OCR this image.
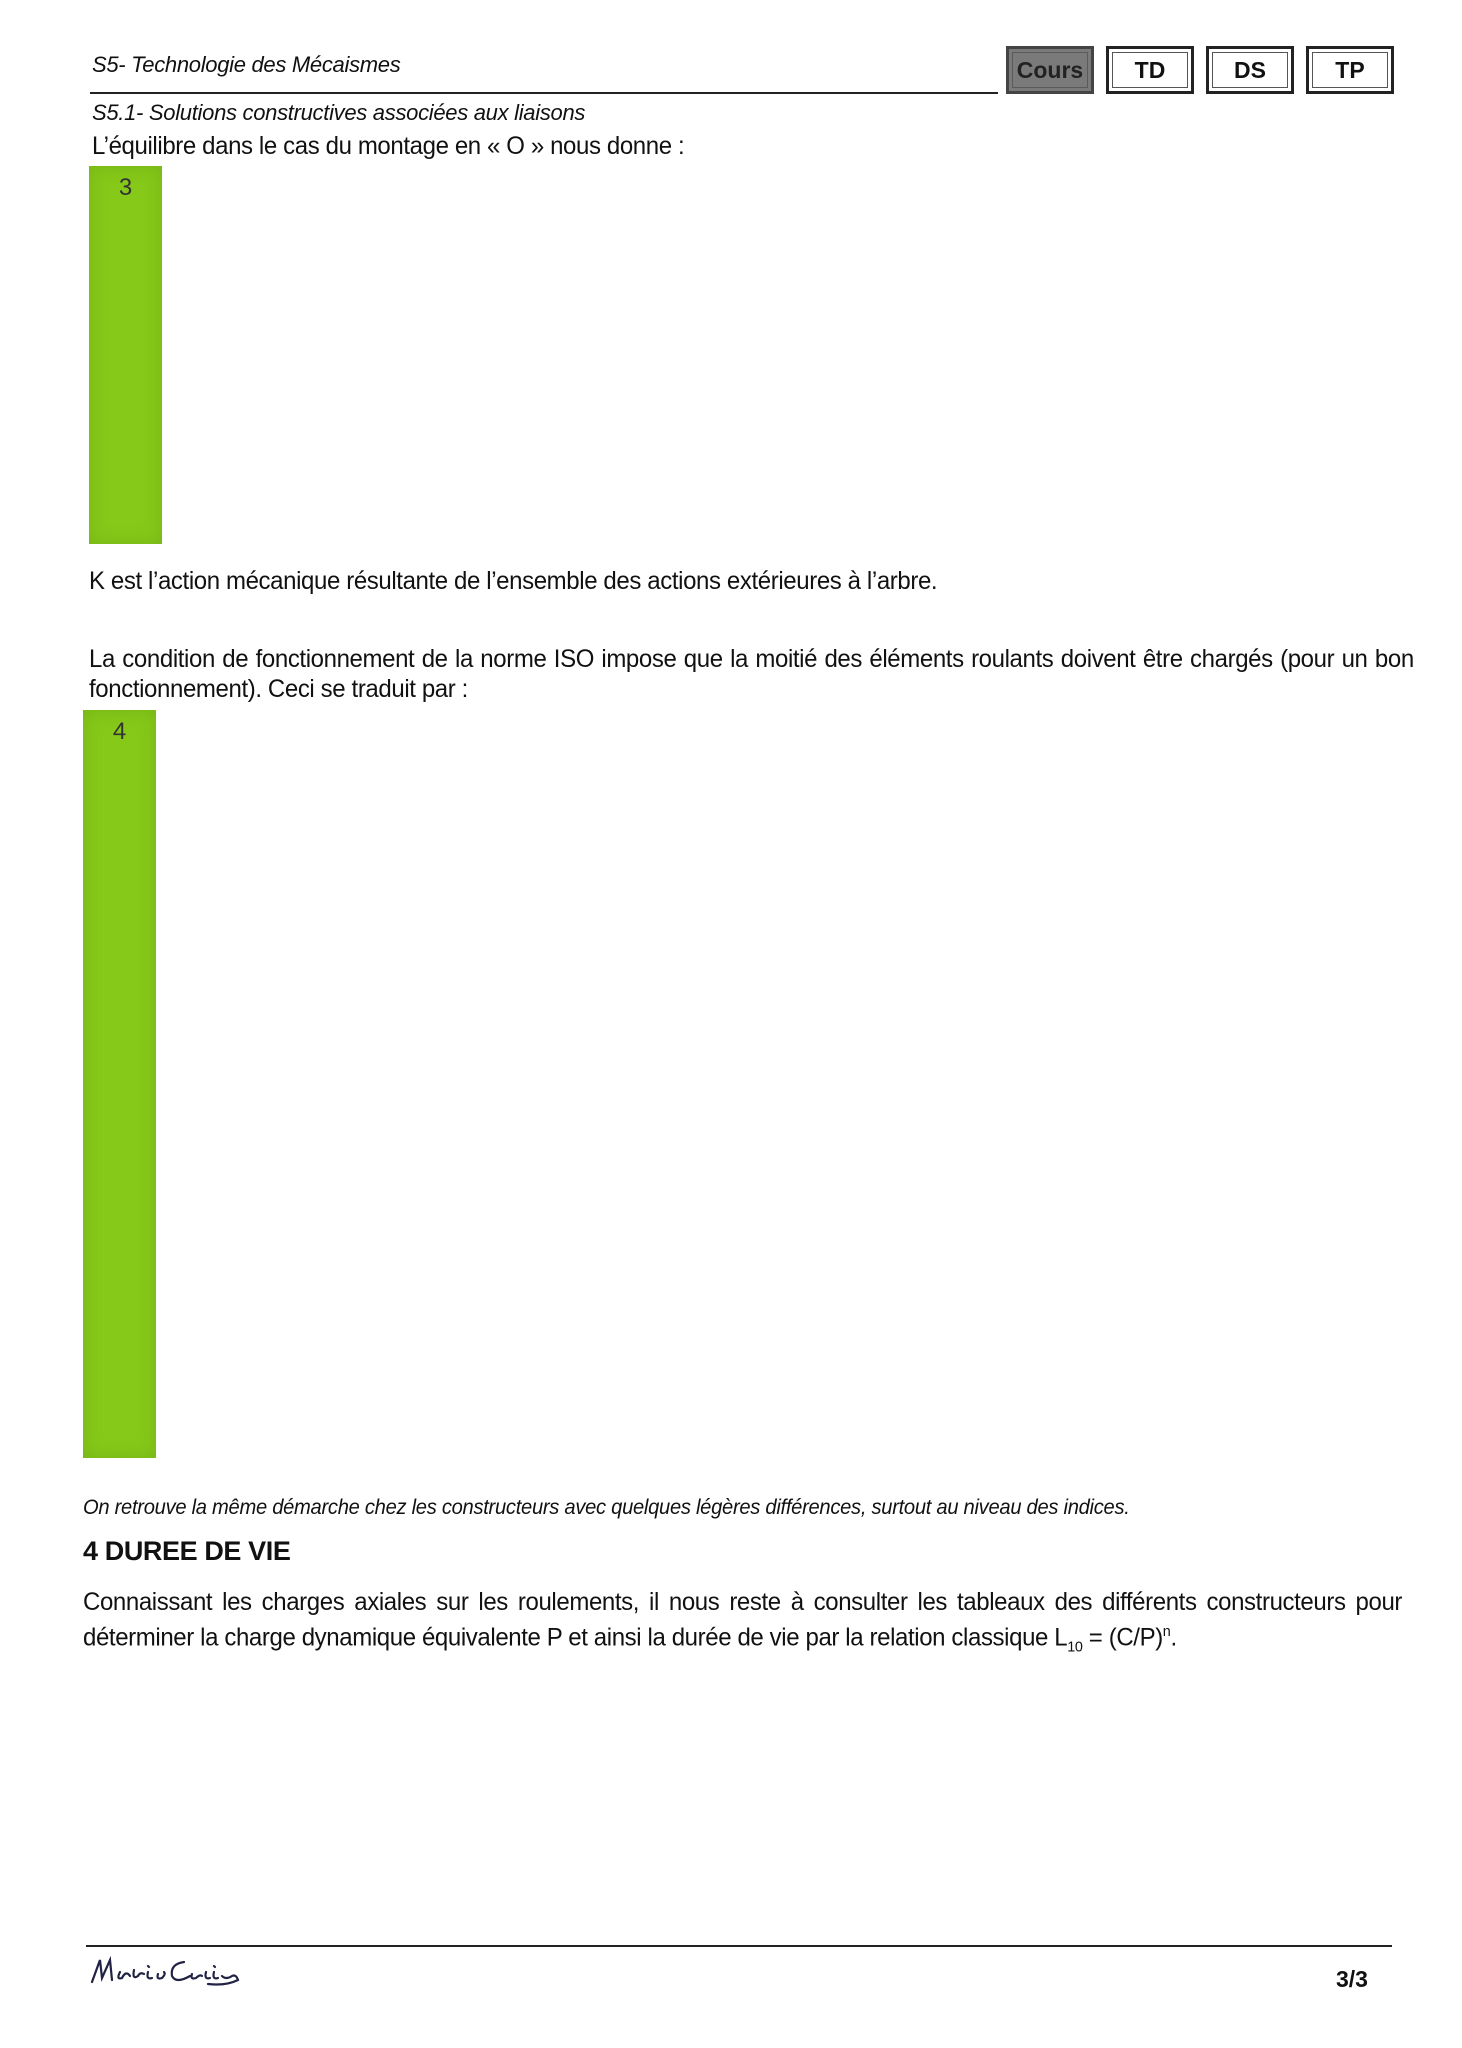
S5- Technologie des Mécaismes
S5.1- Solutions constructives associées aux liaisons
Cours TD	DS	TP
L’équilibre dans le cas du montage en « O » nous donne :
3
K est l’action mécanique résultante de l’ensemble des actions extérieures à l’arbre.
La condition de fonctionnement de la norme ISO impose que la moitié des éléments roulants doivent être chargés (pour un bon fonctionnement). Ceci se traduit par :
4
On retrouve la même démarche chez les constructeurs avec quelques légères différences, surtout au niveau des indices.
4 DUREE DE VIE
Connaissant les charges axiales sur les roulements, il nous reste à consulter les tableaux des différents constructeurs pour déterminer la charge dynamique équivalente P et ainsi la durée de vie par la relation classique $L_{10} = (C/P)^n$.
3/3
